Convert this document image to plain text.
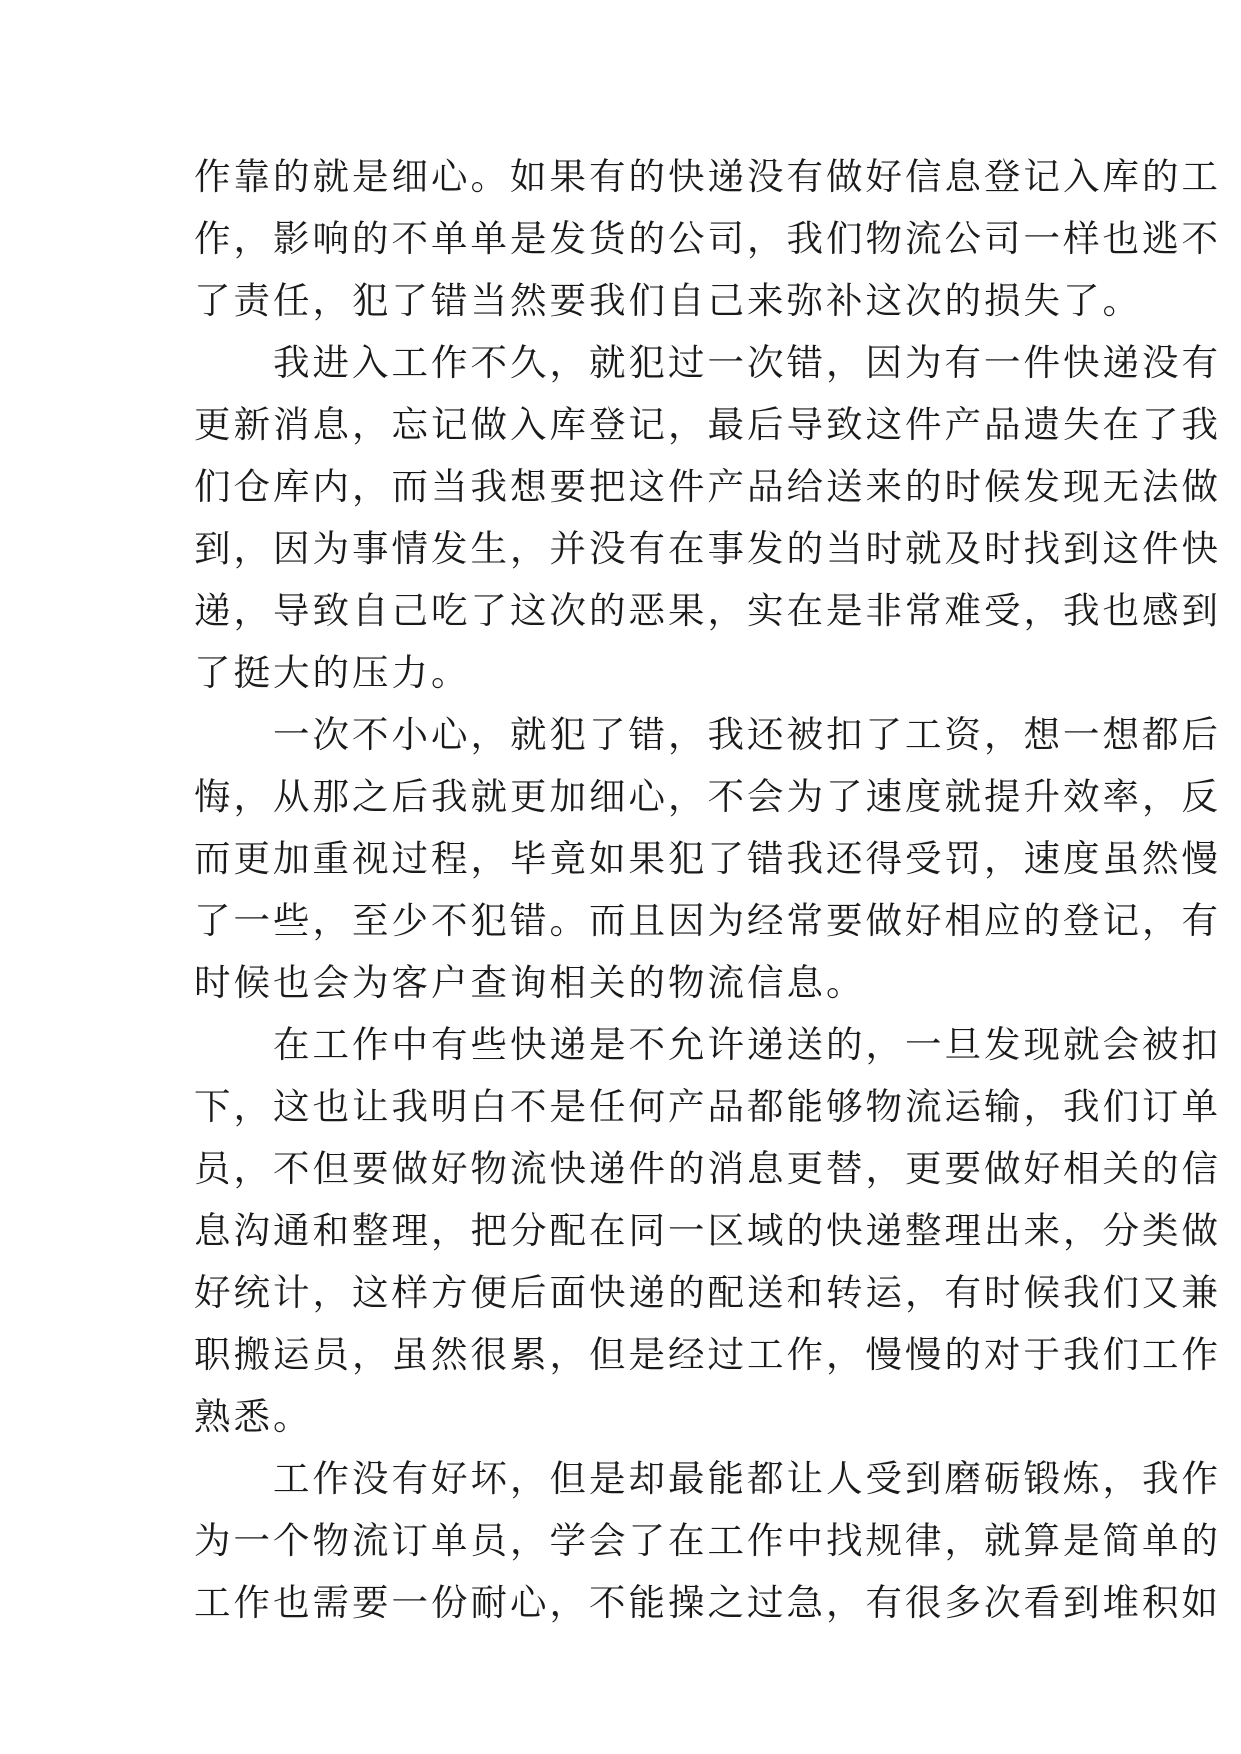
作靠的就是细心。如果有的快递没有做好信息登记入库的工
作，影响的不单单是发货的公司，我们物流公司一样也逃不
了责任，犯了错当然要我们自己来弥补这次的损失了。
　　我进入工作不久，就犯过一次错，因为有一件快递没有
更新消息，忘记做入库登记，最后导致这件产品遗失在了我
们仓库内，而当我想要把这件产品给送来的时候发现无法做
到，因为事情发生，并没有在事发的当时就及时找到这件快
递，导致自己吃了这次的恶果，实在是非常难受，我也感到
了挺大的压力。
　　一次不小心，就犯了错，我还被扣了工资，想一想都后
悔，从那之后我就更加细心，不会为了速度就提升效率，反
而更加重视过程，毕竟如果犯了错我还得受罚，速度虽然慢
了一些，至少不犯错。而且因为经常要做好相应的登记，有
时候也会为客户查询相关的物流信息。
　　在工作中有些快递是不允许递送的，一旦发现就会被扣
下，这也让我明白不是任何产品都能够物流运输，我们订单
员，不但要做好物流快递件的消息更替，更要做好相关的信
息沟通和整理，把分配在同一区域的快递整理出来，分类做
好统计，这样方便后面快递的配送和转运，有时候我们又兼
职搬运员，虽然很累，但是经过工作，慢慢的对于我们工作
熟悉。
　　工作没有好坏，但是却最能都让人受到磨砺锻炼，我作
为一个物流订单员，学会了在工作中找规律，就算是简单的
工作也需要一份耐心，不能操之过急，有很多次看到堆积如
